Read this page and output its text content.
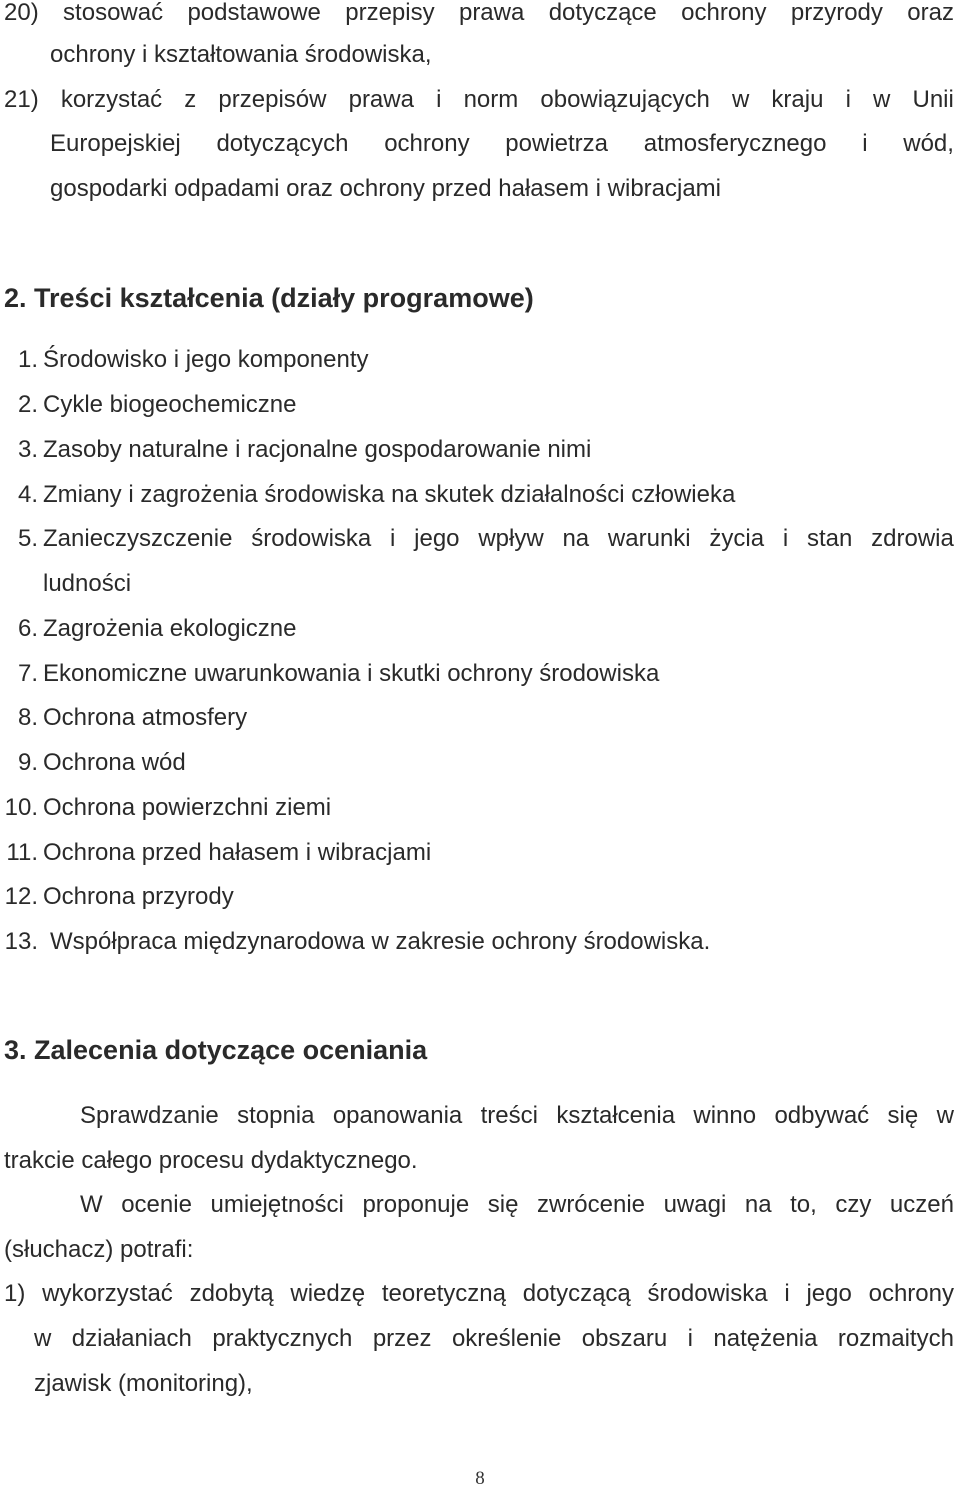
20) stosować podstawowe przepisy prawa dotyczące ochrony przyrody oraz
ochrony i kształtowania środowiska,
21) korzystać z przepisów prawa i norm obowiązujących w kraju i w Unii
Europejskiej dotyczących ochrony powietrza atmosferycznego i wód,
gospodarki odpadami oraz ochrony przed hałasem i wibracjami
2. Treści kształcenia (działy programowe)
1. Środowisko i jego komponenty
2. Cykle biogeochemiczne
3. Zasoby naturalne i racjonalne gospodarowanie nimi
4. Zmiany i zagrożenia środowiska na skutek działalności człowieka
5. Zanieczyszczenie środowiska i jego wpływ na warunki życia i stan zdrowia
ludności
6. Zagrożenia ekologiczne
7. Ekonomiczne uwarunkowania i skutki ochrony środowiska
8. Ochrona atmosfery
9. Ochrona wód
10. Ochrona powierzchni ziemi
11. Ochrona przed hałasem i wibracjami
12. Ochrona przyrody
13. Współpraca międzynarodowa w zakresie ochrony środowiska.
3. Zalecenia dotyczące oceniania
Sprawdzanie stopnia opanowania treści kształcenia winno odbywać się w
trakcie całego procesu dydaktycznego.
W ocenie umiejętności proponuje się zwrócenie uwagi na to, czy uczeń
(słuchacz) potrafi:
1) wykorzystać zdobytą wiedzę teoretyczną dotyczącą środowiska i jego ochrony
w działaniach praktycznych przez określenie obszaru i natężenia rozmaitych
zjawisk (monitoring),
8
